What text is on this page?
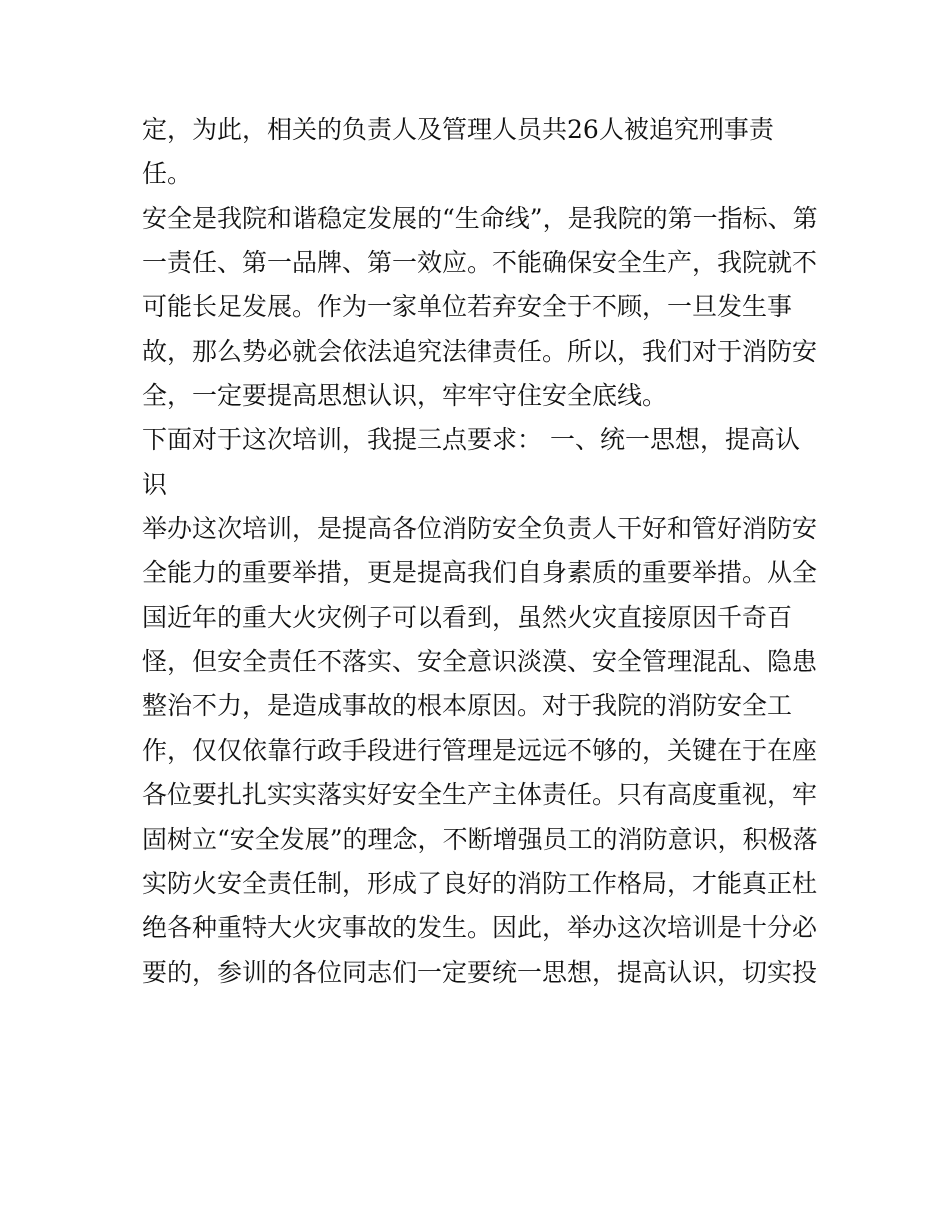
定，为此，相关的负责人及管理人员共26人被追究刑事责
任。
安全是我院和谐稳定发展的“生命线”，是我院的第一指标、第
一责任、第一品牌、第一效应。不能确保安全生产，我院就不
可能长足发展。作为一家单位若弃安全于不顾，一旦发生事
故，那么势必就会依法追究法律责任。所以，我们对于消防安
全，一定要提高思想认识，牢牢守住安全底线。
下面对于这次培训，我提三点要求： 一、统一思想，提高认
识
举办这次培训，是提高各位消防安全负责人干好和管好消防安
全能力的重要举措，更是提高我们自身素质的重要举措。从全
国近年的重大火灾例子可以看到，虽然火灾直接原因千奇百
怪，但安全责任不落实、安全意识淡漠、安全管理混乱、隐患
整治不力，是造成事故的根本原因。对于我院的消防安全工
作，仅仅依靠行政手段进行管理是远远不够的，关键在于在座
各位要扎扎实实落实好安全生产主体责任。只有高度重视，牢
固树立“安全发展”的理念，不断增强员工的消防意识，积极落
实防火安全责任制，形成了良好的消防工作格局，才能真正杜
绝各种重特大火灾事故的发生。因此，举办这次培训是十分必
要的，参训的各位同志们一定要统一思想，提高认识，切实投
